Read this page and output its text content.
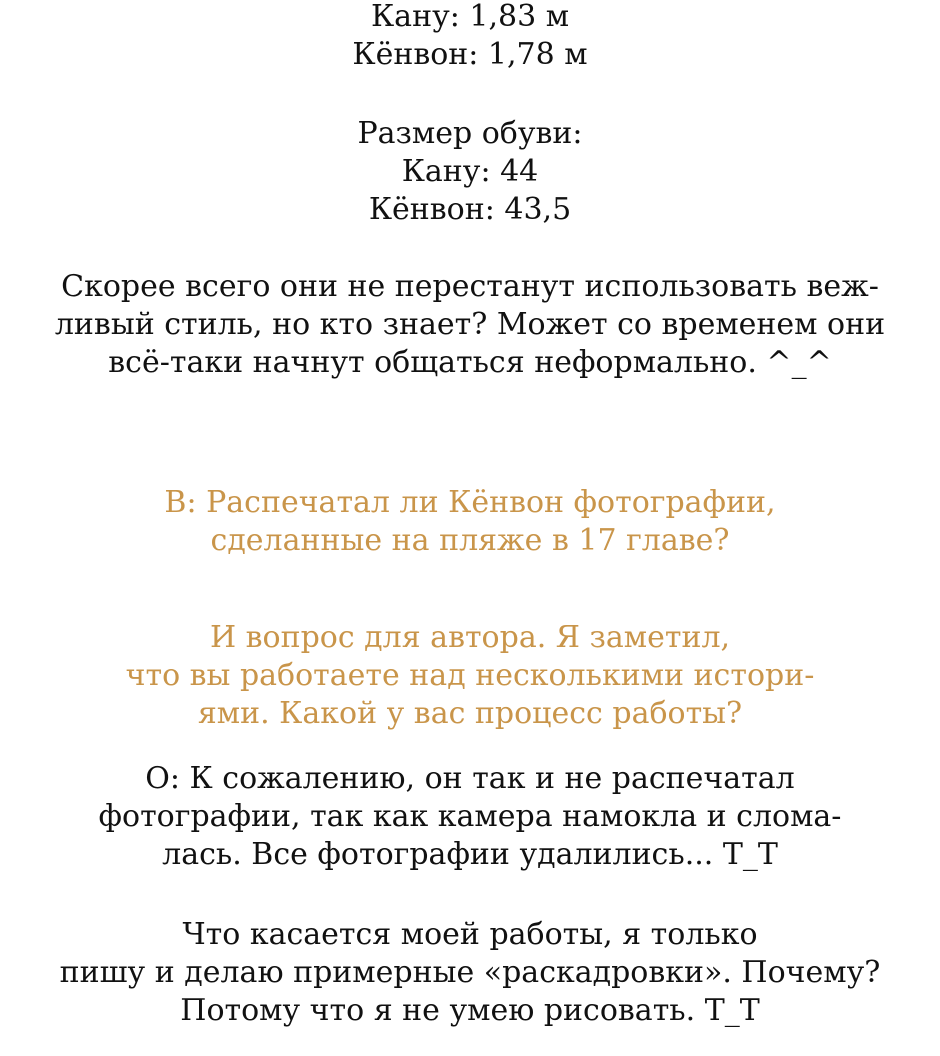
Кану: 1,83 м
Кёнвон: 1,78 м
Размер обуви:
Кану: 44
Кёнвон: 43,5
Скорее всего они не перестанут использовать веж-
ливый стиль, но кто знает? Может со временем они
всё-таки начнут общаться неформально. ^_^
В: Распечатал ли Кёнвон фотографии,
сделанные на пляже в 17 главе?
И вопрос для автора. Я заметил,
что вы работаете над несколькими истори-
ями. Какой у вас процесс работы?
О: К сожалению, он так и не распечатал
фотографии, так как камера намокла и слома-
лась. Все фотографии удалились... Т_Т
Что касается моей работы, я только
пишу и делаю примерные «раскадровки». Почему?
Потому что я не умею рисовать. Т_Т
